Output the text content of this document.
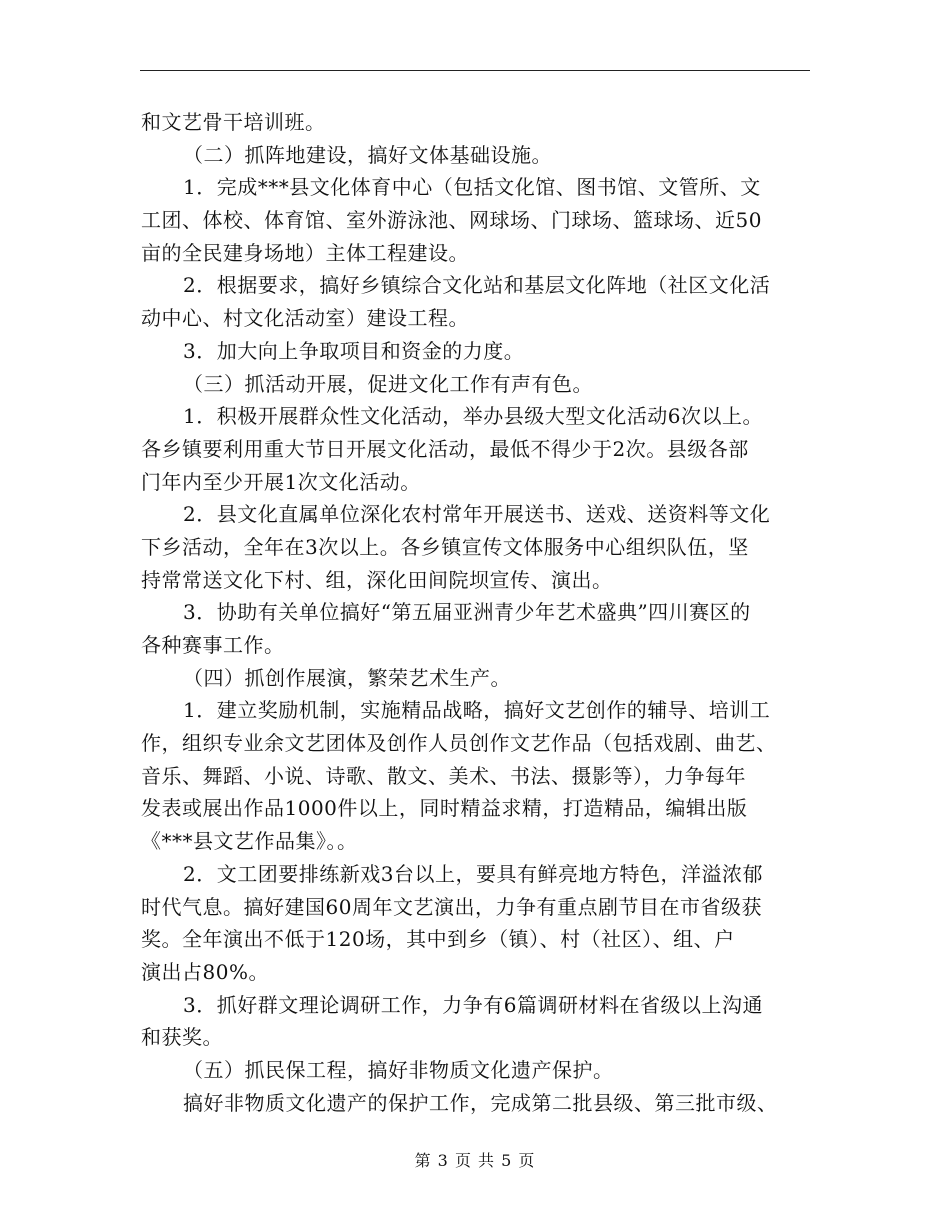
和文艺骨干培训班。
（二）抓阵地建设，搞好文体基础设施。
1．完成***县文化体育中心（包括文化馆、图书馆、文管所、文
工团、体校、体育馆、室外游泳池、网球场、门球场、篮球场、近50
亩的全民建身场地）主体工程建设。
2．根据要求，搞好乡镇综合文化站和基层文化阵地（社区文化活
动中心、村文化活动室）建设工程。
3．加大向上争取项目和资金的力度。
（三）抓活动开展，促进文化工作有声有色。
1．积极开展群众性文化活动，举办县级大型文化活动6次以上。
各乡镇要利用重大节日开展文化活动，最低不得少于2次。县级各部
门年内至少开展1次文化活动。
2．县文化直属单位深化农村常年开展送书、送戏、送资料等文化
下乡活动，全年在3次以上。各乡镇宣传文体服务中心组织队伍，坚
持常常送文化下村、组，深化田间院坝宣传、演出。
3．协助有关单位搞好“第五届亚洲青少年艺术盛典”四川赛区的
各种赛事工作。
（四）抓创作展演，繁荣艺术生产。
1．建立奖励机制，实施精品战略，搞好文艺创作的辅导、培训工
作，组织专业余文艺团体及创作人员创作文艺作品（包括戏剧、曲艺、
音乐、舞蹈、小说、诗歌、散文、美术、书法、摄影等），力争每年
发表或展出作品1000件以上，同时精益求精，打造精品，编辑出版
《***县文艺作品集》。。
2．文工团要排练新戏3台以上，要具有鲜亮地方特色，洋溢浓郁
时代气息。搞好建国60周年文艺演出，力争有重点剧节目在市省级获
奖。全年演出不低于120场，其中到乡（镇）、村（社区）、组、户
演出占80%。
3．抓好群文理论调研工作，力争有6篇调研材料在省级以上沟通
和获奖。
（五）抓民保工程，搞好非物质文化遗产保护。
搞好非物质文化遗产的保护工作，完成第二批县级、第三批市级、
第 3 页 共 5 页
